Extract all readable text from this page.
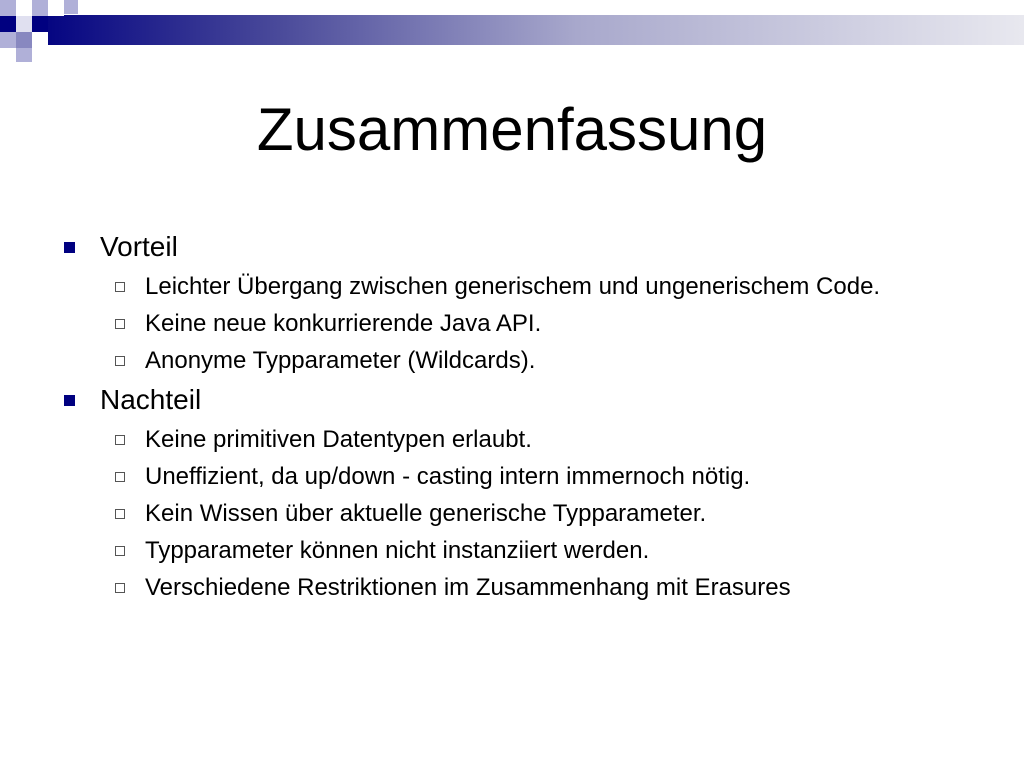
Zusammenfassung
Vorteil
Leichter Übergang zwischen generischem und ungenerischem Code.
Keine neue konkurrierende Java API.
Anonyme Typparameter (Wildcards).
Nachteil
Keine primitiven Datentypen erlaubt.
Uneffizient, da up/down - casting intern immernoch nötig.
Kein Wissen über aktuelle generische Typparameter.
Typparameter können nicht instanziiert werden.
Verschiedene Restriktionen im Zusammenhang mit Erasures
